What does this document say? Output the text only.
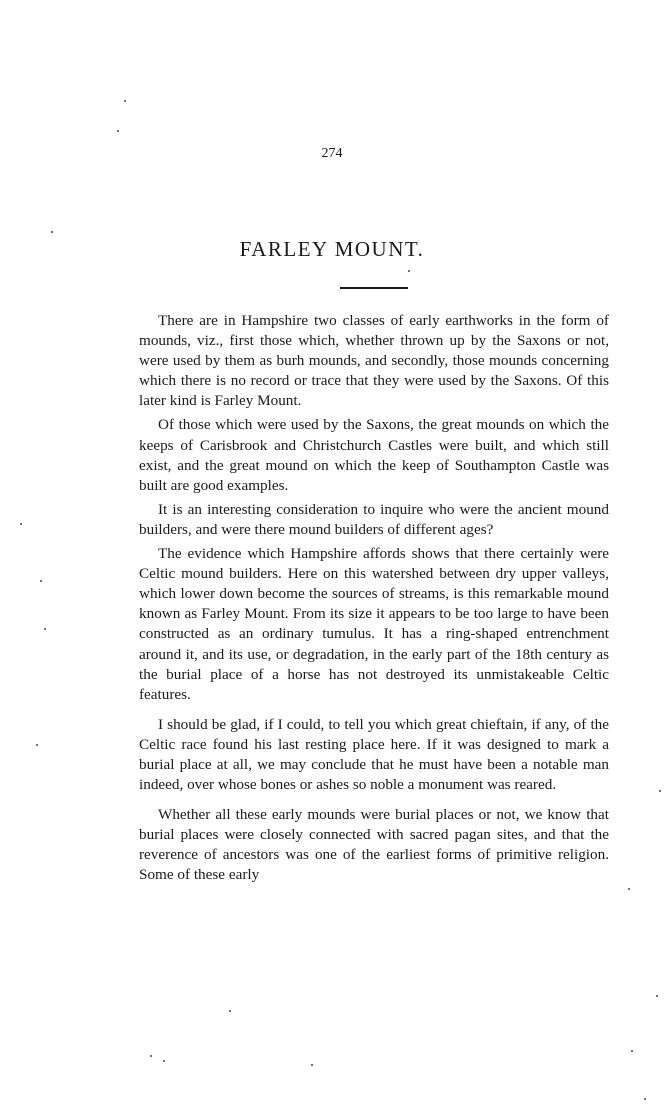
274
FARLEY MOUNT.

There are in Hampshire two classes of early earthworks in the form of mounds, viz., first those which, whether thrown up by the Saxons or not, were used by them as burh mounds, and secondly, those mounds concerning which there is no record or trace that they were used by the Saxons. Of this later kind is Farley Mount.

Of those which were used by the Saxons, the great mounds on which the keeps of Carisbrook and Christchurch Castles were built, and which still exist, and the great mound on which the keep of Southampton Castle was built are good examples.

It is an interesting consideration to inquire who were the ancient mound builders, and were there mound builders of different ages?

The evidence which Hampshire affords shows that there certainly were Celtic mound builders. Here on this watershed between dry upper valleys, which lower down become the sources of streams, is this remarkable mound known as Farley Mount. From its size it appears to be too large to have been constructed as an ordinary tumulus. It has a ring-shaped entrenchment around it, and its use, or degradation, in the early part of the 18th century as the burial place of a horse has not destroyed its unmistakeable Celtic features.

I should be glad, if I could, to tell you which great chieftain, if any, of the Celtic race found his last resting place here. If it was designed to mark a burial place at all, we may conclude that he must have been a notable man indeed, over whose bones or ashes so noble a monument was reared.

Whether all these early mounds were burial places or not, we know that burial places were closely connected with sacred pagan sites, and that the reverence of ancestors was one of the earliest forms of primitive religion. Some of these early
